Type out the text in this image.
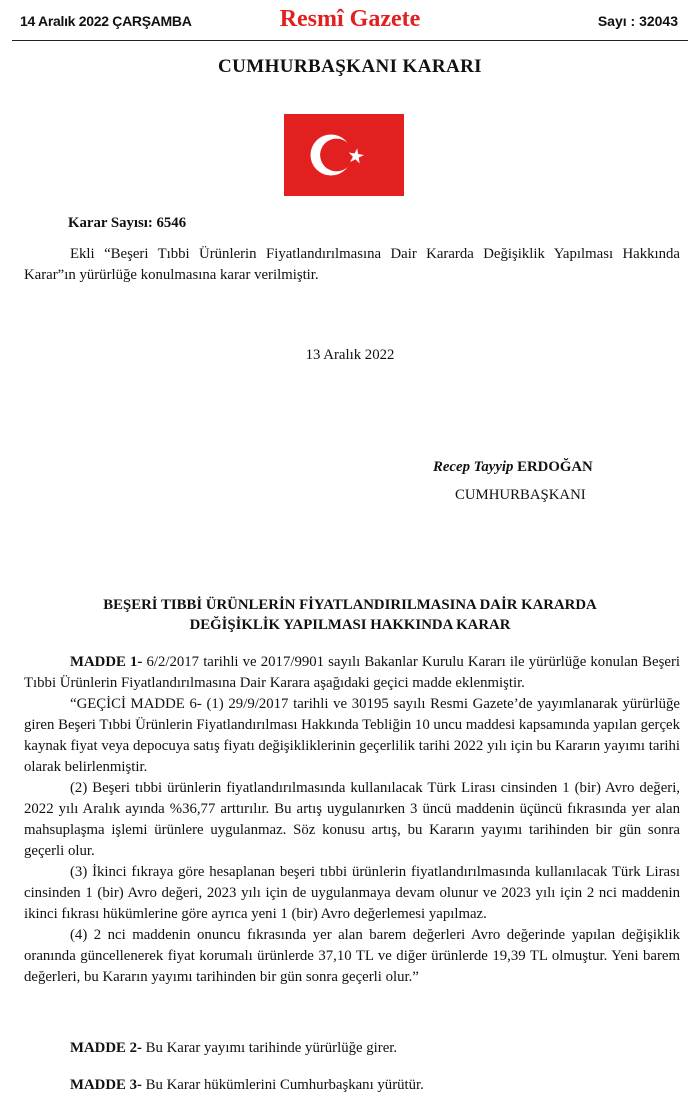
14 Aralık 2022 ÇARŞAMBA	Resmî Gazete	Sayı : 32043
CUMHURBAŞKANI KARARI
Karar Sayısı: 6546
Ekli “Beşeri Tıbbi Ürünlerin Fiyatlandırılmasına Dair Kararda Değişiklik Yapılması Hakkında Karar”ın yürürlüğe konulmasına karar verilmiştir.
13 Aralık 2022
Recep Tayyip ERDOĞAN
CUMHURBAŞKANI
BEŞERİ TIBBİ ÜRÜNLERİN FİYATLANDIRILMASINA DAİR KARARDA
DEĞİŞİKLİK YAPILMASI HAKKINDA KARAR

MADDE 1- 6/2/2017 tarihli ve 2017/9901 sayılı Bakanlar Kurulu Kararı ile yürürlüğe konulan Beşeri Tıbbi Ürünlerin Fiyatlandırılmasına Dair Karara aşağıdaki geçici madde eklenmiştir.

“GEÇİCİ MADDE 6- (1) 29/9/2017 tarihli ve 30195 sayılı Resmi Gazete’de yayımlanarak yürürlüğe giren Beşeri Tıbbi Ürünlerin Fiyatlandırılması Hakkında Tebliğin 10 uncu maddesi kapsamında yapılan gerçek kaynak fiyat veya depocuya satış fiyatı değişikliklerinin geçerlilik tarihi 2022 yılı için bu Kararın yayımı tarihi olarak belirlenmiştir.

(2) Beşeri tıbbi ürünlerin fiyatlandırılmasında kullanılacak Türk Lirası cinsinden 1 (bir) Avro değeri, 2022 yılı Aralık ayında %36,77 arttırılır. Bu artış uygulanırken 3 üncü maddenin üçüncü fıkrasında yer alan mahsuplaşma işlemi ürünlere uygulanmaz. Söz konusu artış, bu Kararın yayımı tarihinden bir gün sonra geçerli olur.

(3) İkinci fıkraya göre hesaplanan beşeri tıbbi ürünlerin fiyatlandırılmasında kullanılacak Türk Lirası cinsinden 1 (bir) Avro değeri, 2023 yılı için de uygulanmaya devam olunur ve 2023 yılı için 2 nci maddenin ikinci fıkrası hükümlerine göre ayrıca yeni 1 (bir) Avro değerlemesi yapılmaz.

(4) 2 nci maddenin onuncu fıkrasında yer alan barem değerleri Avro değerinde yapılan değişiklik oranında güncellenerek fiyat korumalı ürünlerde 37,10 TL ve diğer ürünlerde 19,39 TL olmuştur. Yeni barem değerleri, bu Kararın yayımı tarihinden bir gün sonra geçerli olur.”

MADDE 2- Bu Karar yayımı tarihinde yürürlüğe girer.
MADDE 3- Bu Karar hükümlerini Cumhurbaşkanı yürütür.
